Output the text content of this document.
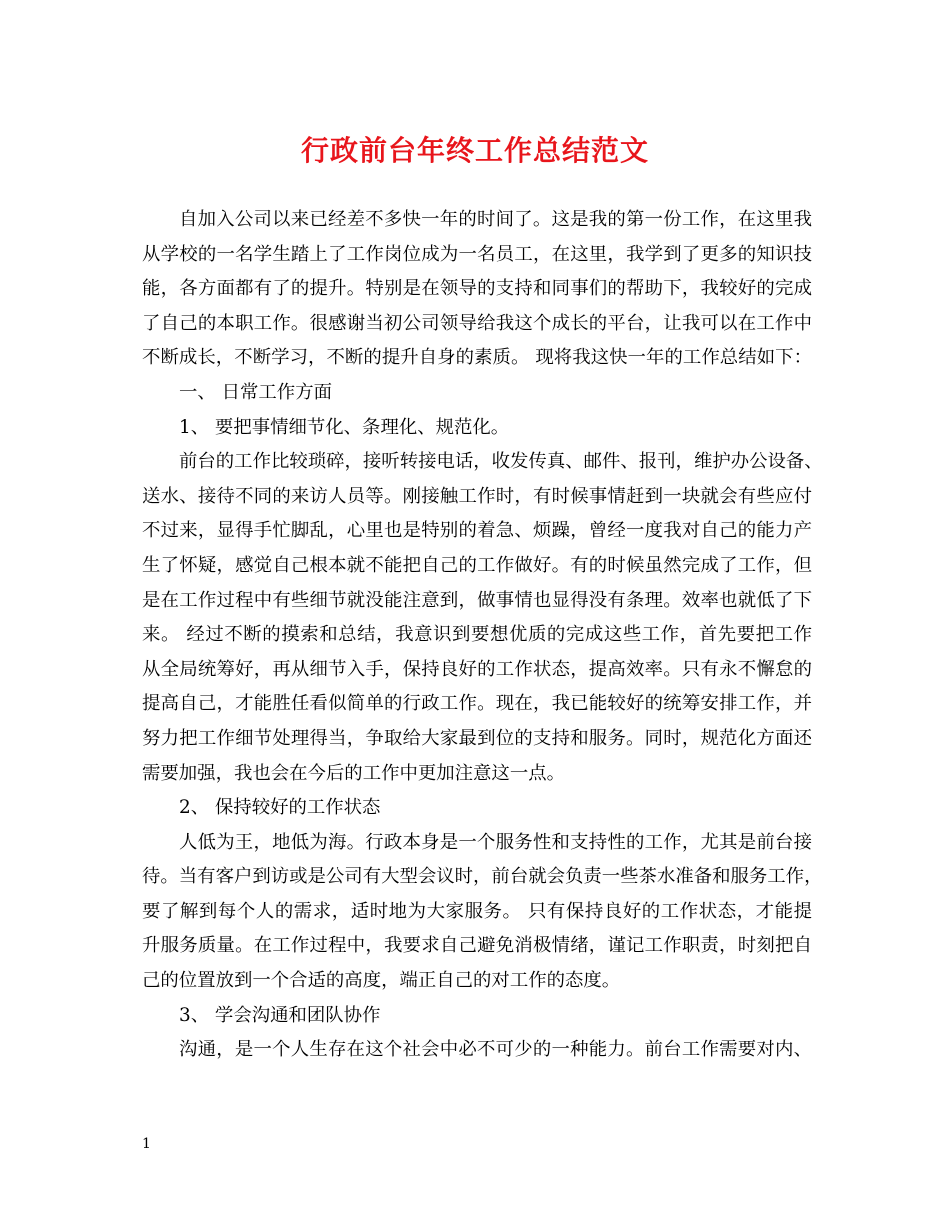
行政前台年终工作总结范文
自加入公司以来已经差不多快一年的时间了。这是我的第一份工作，在这里我
从学校的一名学生踏上了工作岗位成为一名员工，在这里，我学到了更多的知识技
能，各方面都有了的提升。特别是在领导的支持和同事们的帮助下，我较好的完成
了自己的本职工作。很感谢当初公司领导给我这个成长的平台，让我可以在工作中
不断成长，不断学习，不断的提升自身的素质。 现将我这快一年的工作总结如下：
一、 日常工作方面
1、 要把事情细节化、条理化、规范化。
前台的工作比较琐碎，接听转接电话，收发传真、邮件、报刊，维护办公设备、
送水、接待不同的来访人员等。刚接触工作时，有时候事情赶到一块就会有些应付
不过来，显得手忙脚乱，心里也是特别的着急、烦躁，曾经一度我对自己的能力产
生了怀疑，感觉自己根本就不能把自己的工作做好。有的时候虽然完成了工作，但
是在工作过程中有些细节就没能注意到，做事情也显得没有条理。效率也就低了下
来。 经过不断的摸索和总结，我意识到要想优质的完成这些工作，首先要把工作
从全局统筹好，再从细节入手，保持良好的工作状态，提高效率。只有永不懈怠的
提高自己，才能胜任看似简单的行政工作。现在，我已能较好的统筹安排工作，并
努力把工作细节处理得当，争取给大家最到位的支持和服务。同时，规范化方面还
需要加强，我也会在今后的工作中更加注意这一点。
2、 保持较好的工作状态
人低为王，地低为海。行政本身是一个服务性和支持性的工作，尤其是前台接
待。当有客户到访或是公司有大型会议时，前台就会负责一些茶水准备和服务工作，
要了解到每个人的需求，适时地为大家服务。 只有保持良好的工作状态，才能提
升服务质量。在工作过程中，我要求自己避免消极情绪，谨记工作职责，时刻把自
己的位置放到一个合适的高度，端正自己的对工作的态度。
3、 学会沟通和团队协作
沟通，是一个人生存在这个社会中必不可少的一种能力。前台工作需要对内、
1
